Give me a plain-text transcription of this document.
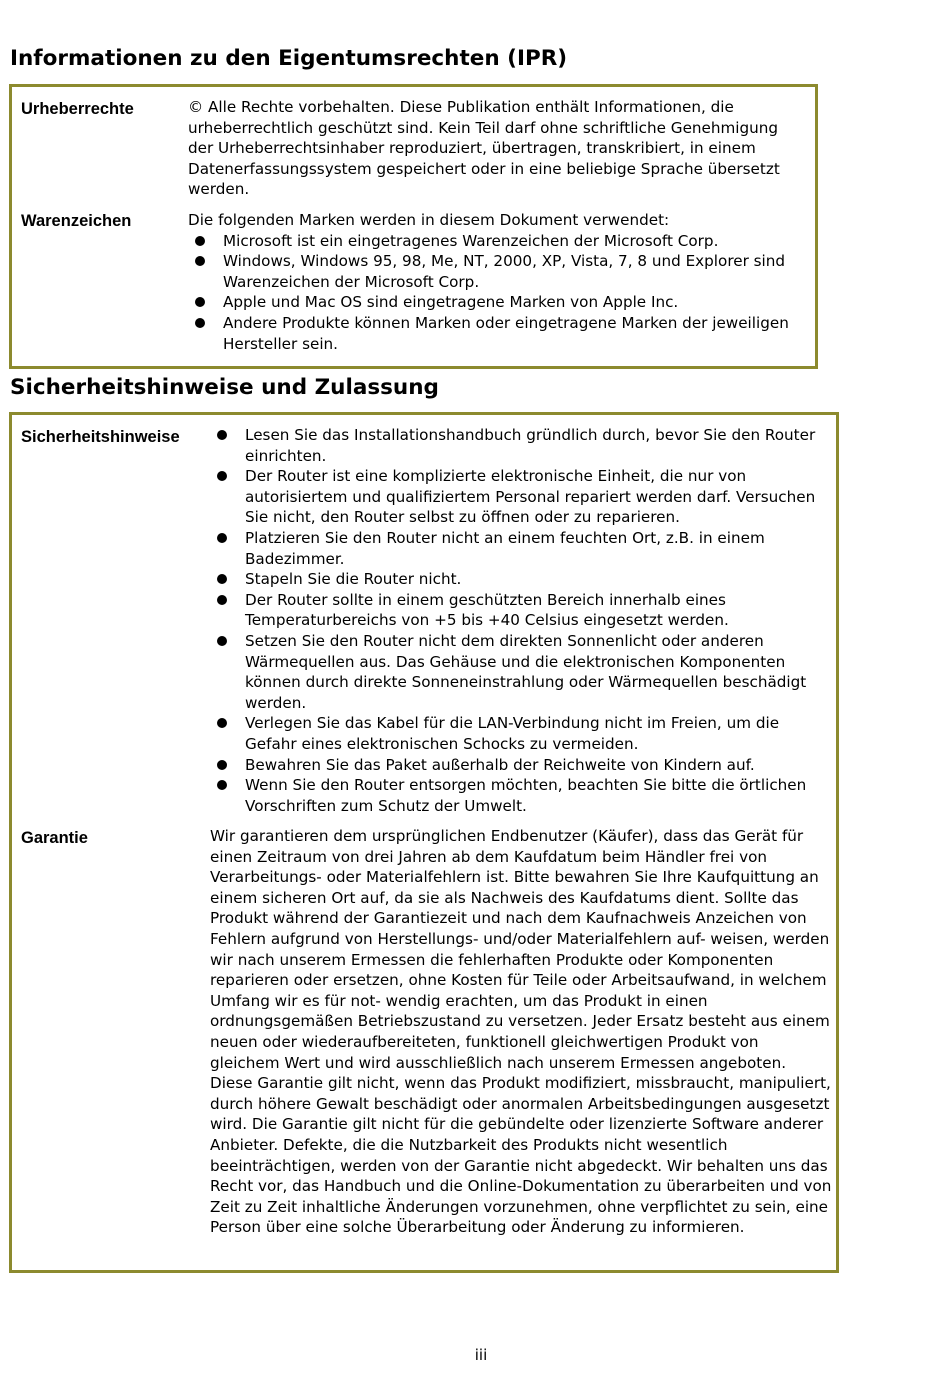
Informationen zu den Eigentumsrechten (IPR)
Urheberrechte	© Alle Rechte vorbehalten. Diese Publikation enthält Informationen, die urheberrechtlich geschützt sind. Kein Teil darf ohne schriftliche Genehmigung der Urheberrechtsinhaber reproduziert, übertragen, transkribiert, in einem Datenerfassungssystem gespeichert oder in eine beliebige Sprache übersetzt werden.

Warenzeichen	Die folgenden Marken werden in diesem Dokument verwendet:

Microsoft ist ein eingetragenes Warenzeichen der Microsoft Corp.
Windows, Windows 95, 98, Me, NT, 2000, XP, Vista, 7, 8 und Explorer sind Warenzeichen der Microsoft Corp.
Apple und Mac OS sind eingetragene Marken von Apple Inc.
Andere Produkte können Marken oder eingetragene Marken der jeweiligen Hersteller sein.
Sicherheitshinweise und Zulassung
Sicherheitshinweise	Lesen Sie das Installationshandbuch gründlich durch, bevor Sie den Router einrichten.
Der Router ist eine komplizierte elektronische Einheit, die nur von autorisiertem und qualifiziertem Personal repariert werden darf. Versuchen Sie nicht, den Router selbst zu öffnen oder zu reparieren.
Platzieren Sie den Router nicht an einem feuchten Ort, z.B. in einem Badezimmer.
Stapeln Sie die Router nicht.
Der Router sollte in einem geschützten Bereich innerhalb eines Temperaturbereichs von +5 bis +40 Celsius eingesetzt werden.
Setzen Sie den Router nicht dem direkten Sonnenlicht oder anderen Wärmequellen aus. Das Gehäuse und die elektronischen Komponenten können durch direkte Sonneneinstrahlung oder Wärmequellen beschädigt werden.
Verlegen Sie das Kabel für die LAN-Verbindung nicht im Freien, um die Gefahr eines elektronischen Schocks zu vermeiden.
Bewahren Sie das Paket außerhalb der Reichweite von Kindern auf.
Wenn Sie den Router entsorgen möchten, beachten Sie bitte die örtlichen Vorschriften zum Schutz der Umwelt.
Garantie	Wir garantieren dem ursprünglichen Endbenutzer (Käufer), dass das Gerät für einen Zeitraum von drei Jahren ab dem Kaufdatum beim Händler frei von Verarbeitungs- oder Materialfehlern ist. Bitte bewahren Sie Ihre Kaufquittung an einem sicheren Ort auf, da sie als Nachweis des Kaufdatums dient. Sollte das Produkt während der Garantiezeit und nach dem Kaufnachweis Anzeichen von Fehlern aufgrund von Herstellungs- und/oder Materialfehlern auf- weisen, werden wir nach unserem Ermessen die fehlerhaften Produkte oder Komponenten reparieren oder ersetzen, ohne Kosten für Teile oder Arbeitsaufwand, in welchem Umfang wir es für not- wendig erachten, um das Produkt in einen ordnungsgemäßen Betriebszustand zu versetzen. Jeder Ersatz besteht aus einem neuen oder wiederaufbereiteten, funktionell gleichwertigen Produkt von gleichem Wert und wird ausschließlich nach unserem Ermessen angeboten. Diese Garantie gilt nicht, wenn das Produkt modifiziert, missbraucht, manipuliert, durch höhere Gewalt beschädigt oder anormalen Arbeitsbedingungen ausgesetzt wird. Die Garantie gilt nicht für die gebündelte oder lizenzierte Software anderer Anbieter. Defekte, die die Nutzbarkeit des Produkts nicht wesentlich beeinträchtigen, werden von der Garantie nicht abgedeckt. Wir behalten uns das Recht vor, das Handbuch und die Online-Dokumentation zu überarbeiten und von Zeit zu Zeit inhaltliche Änderungen vorzunehmen, ohne verpflichtet zu sein, eine Person über eine solche Überarbeitung oder Änderung zu informieren.

iii
